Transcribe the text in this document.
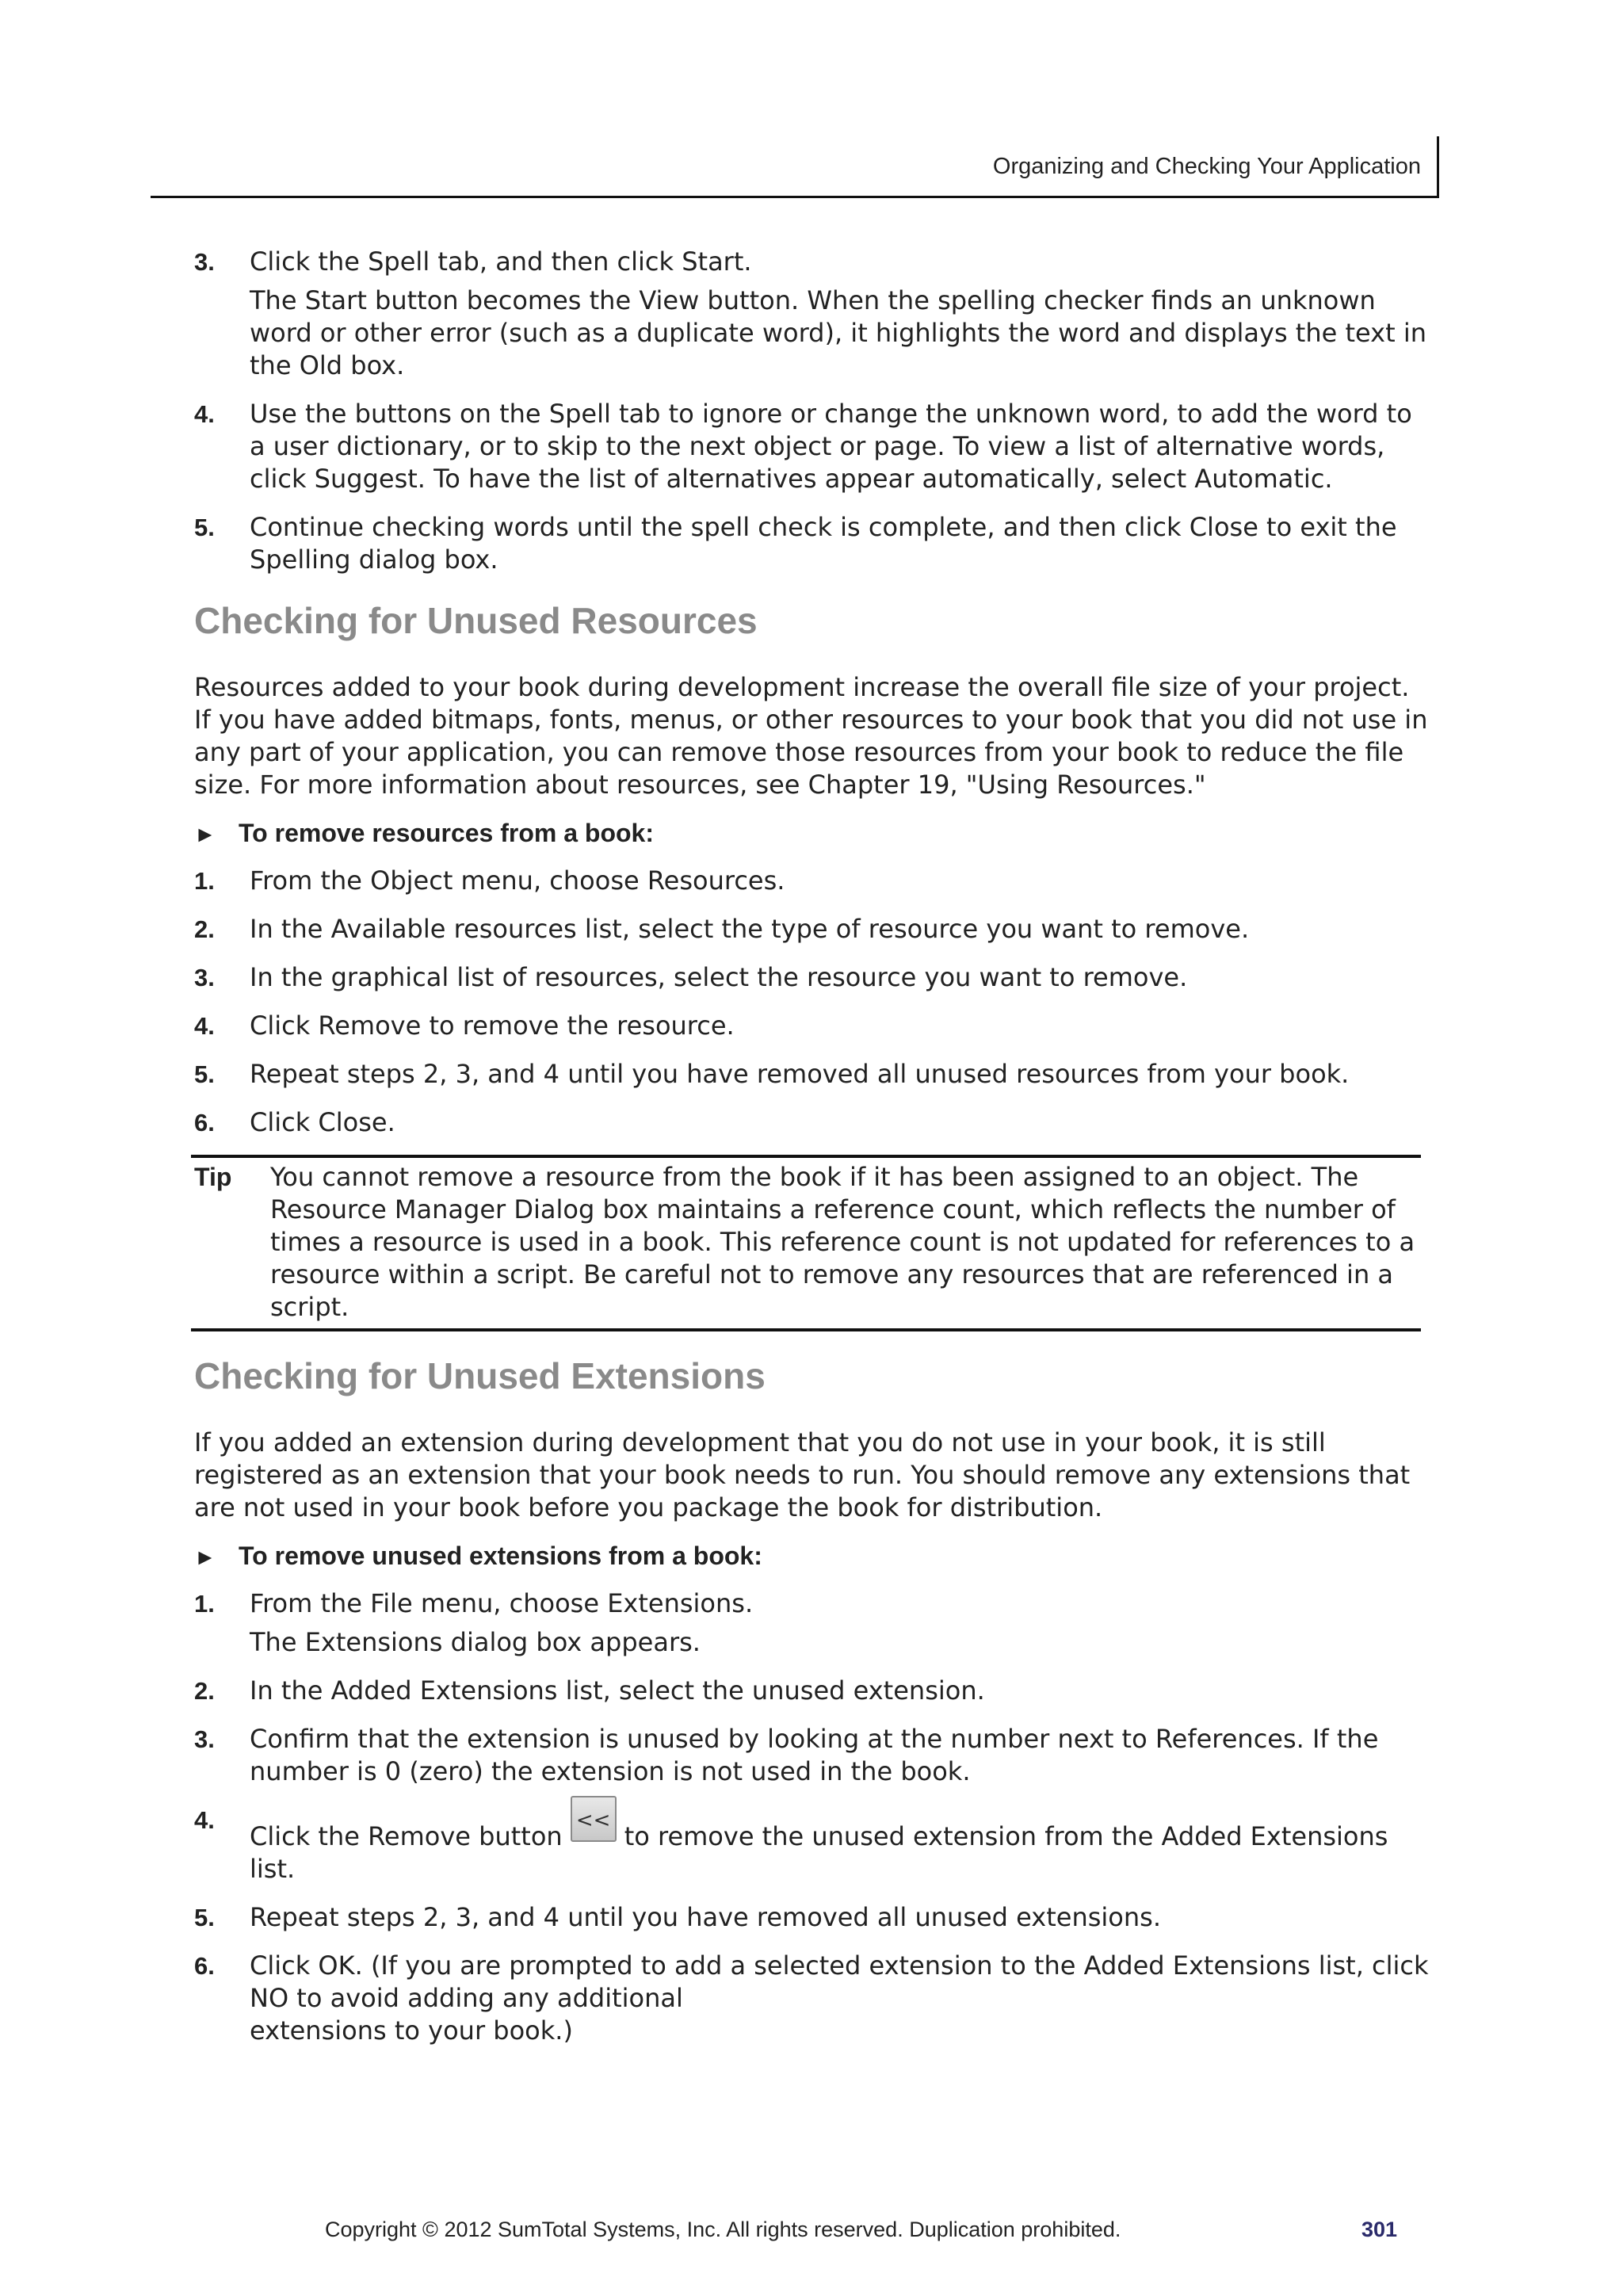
Organizing and Checking Your Application
3. Click the Spell tab, and then click Start.
The Start button becomes the View button. When the spelling checker finds an unknown word or other error (such as a duplicate word), it highlights the word and displays the text in the Old box.
4. Use the buttons on the Spell tab to ignore or change the unknown word, to add the word to a user dictionary, or to skip to the next object or page. To view a list of alternative words, click Suggest. To have the list of alternatives appear automatically, select Automatic.
5. Continue checking words until the spell check is complete, and then click Close to exit the Spelling dialog box.
Checking for Unused Resources
Resources added to your book during development increase the overall file size of your project. If you have added bitmaps, fonts, menus, or other resources to your book that you did not use in any part of your application, you can remove those resources from your book to reduce the file size. For more information about resources, see Chapter 19, "Using Resources."
► To remove resources from a book:
1. From the Object menu, choose Resources.
2. In the Available resources list, select the type of resource you want to remove.
3. In the graphical list of resources, select the resource you want to remove.
4. Click Remove to remove the resource.
5. Repeat steps 2, 3, and 4 until you have removed all unused resources from your book.
6. Click Close.
Tip You cannot remove a resource from the book if it has been assigned to an object. The Resource Manager Dialog box maintains a reference count, which reflects the number of times a resource is used in a book. This reference count is not updated for references to a resource within a script. Be careful not to remove any resources that are referenced in a script.
Checking for Unused Extensions
If you added an extension during development that you do not use in your book, it is still registered as an extension that your book needs to run. You should remove any extensions that are not used in your book before you package the book for distribution.
► To remove unused extensions from a book:
1. From the File menu, choose Extensions.
The Extensions dialog box appears.
2. In the Added Extensions list, select the unused extension.
3. Confirm that the extension is unused by looking at the number next to References. If the number is 0 (zero) the extension is not used in the book.
4.
Click the Remove button
<<
to remove the unused extension from the Added Extensions list.
5. Repeat steps 2, 3, and 4 until you have removed all unused extensions.
6. Click OK. (If you are prompted to add a selected extension to the Added Extensions list, click NO to avoid adding any additional
extensions to your book.)
Copyright © 2012 SumTotal Systems, Inc. All rights reserved. Duplication prohibited.	301
